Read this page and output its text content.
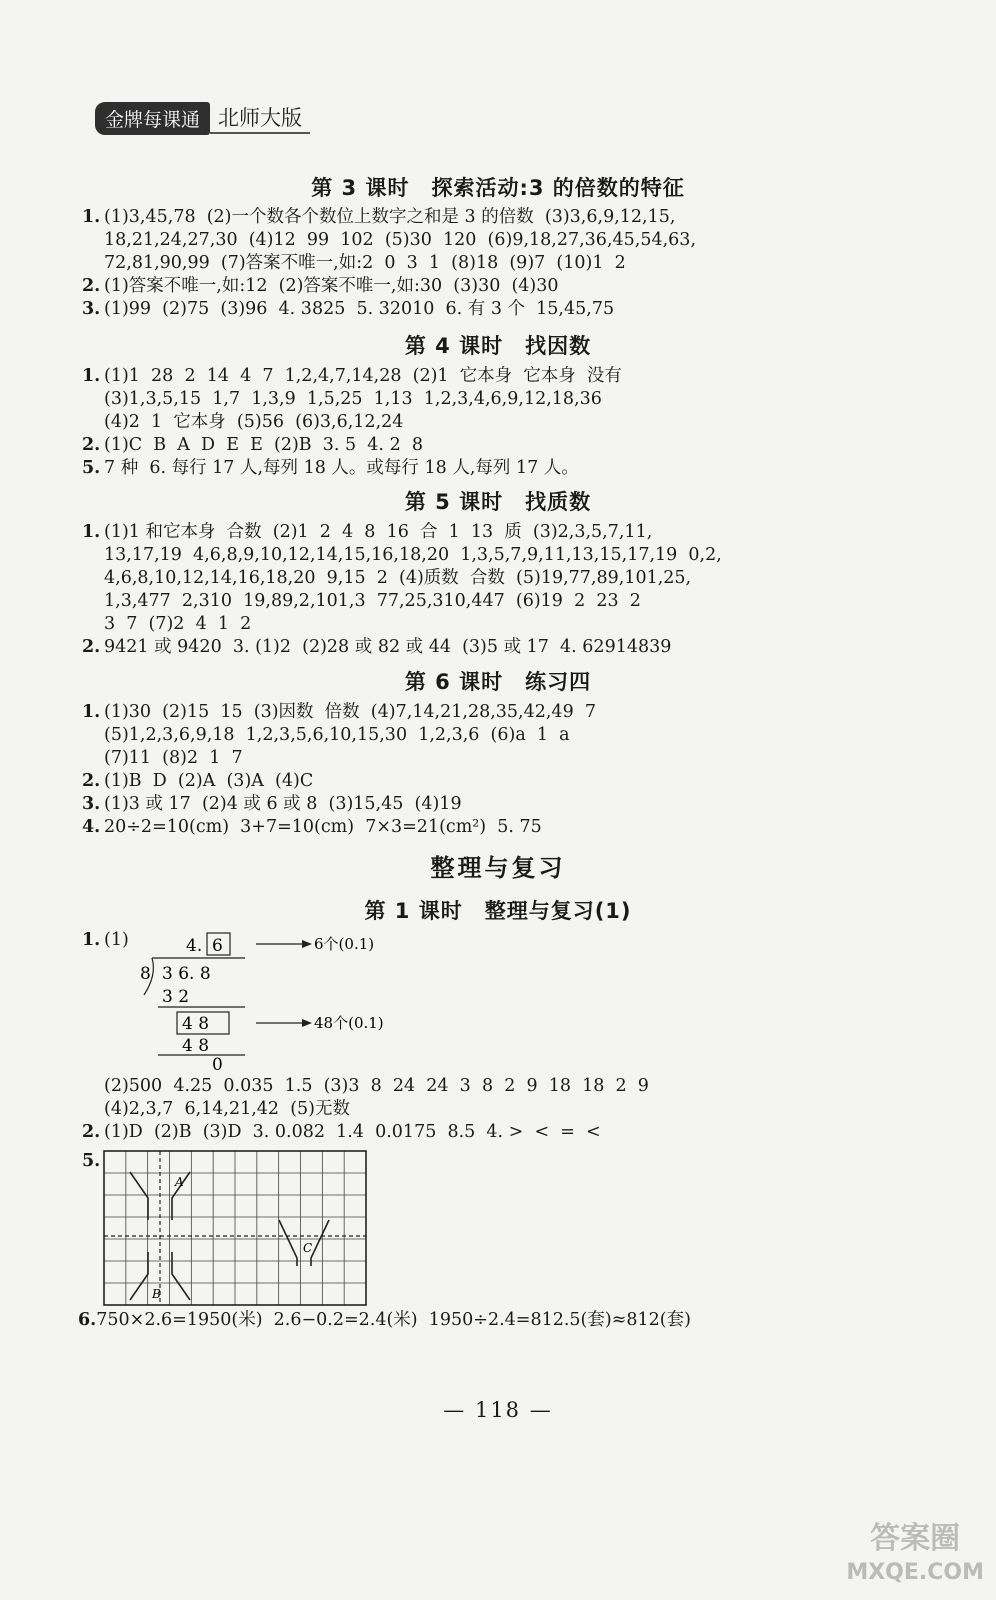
金牌每课通 北师大版
第 3 课时　探索活动:3 的倍数的特征
1. (1)3,45,78  (2)一个数各个数位上数字之和是 3 的倍数  (3)3,6,9,12,15,
18,21,24,27,30  (4)12  99  102  (5)30  120  (6)9,18,27,36,45,54,63,
72,81,90,99  (7)答案不唯一,如:2  0  3  1  (8)18  (9)7  (10)1  2
2. (1)答案不唯一,如:12  (2)答案不唯一,如:30  (3)30  (4)30
3. (1)99  (2)75  (3)96  4. 3825  5. 32010  6. 有 3 个  15,45,75
第 4 课时　找因数
1. (1)1  28  2  14  4  7  1,2,4,7,14,28  (2)1  它本身  它本身  没有
(3)1,3,5,15  1,7  1,3,9  1,5,25  1,13  1,2,3,4,6,9,12,18,36
(4)2  1  它本身  (5)56  (6)3,6,12,24
2. (1)C  B  A  D  E  E  (2)B  3. 5  4. 2  8
5. 7 种  6. 每行 17 人,每列 18 人。或每行 18 人,每列 17 人。
第 5 课时　找质数
1. (1)1 和它本身  合数  (2)1  2  4  8  16  合  1  13  质  (3)2,3,5,7,11,
13,17,19  4,6,8,9,10,12,14,15,16,18,20  1,3,5,7,9,11,13,15,17,19  0,2,
4,6,8,10,12,14,16,18,20  9,15  2  (4)质数  合数  (5)19,77,89,101,25,
1,3,477  2,310  19,89,2,101,3  77,25,310,447  (6)19  2  23  2
3  7  (7)2  4  1  2
2. 9421 或 9420  3. (1)2  (2)28 或 82 或 44  (3)5 或 17  4. 62914839
第 6 课时　练习四
1. (1)30  (2)15  15  (3)因数  倍数  (4)7,14,21,28,35,42,49  7
(5)1,2,3,6,9,18  1,2,3,5,6,10,15,30  1,2,3,6  (6)a  1  a
(7)11  (8)2  1  7
2. (1)B  D  (2)A  (3)A  (4)C
3. (1)3 或 17  (2)4 或 6 或 8  (3)15,45  (4)19
4. 20÷2=10(cm)  3+7=10(cm)  7×3=21(cm²)  5. 75
整理与复习
第 1 课时　整理与复习(1)
1. (1)	4. 6
8 3 6. 8
3 2
4 8
4 8
0
6个(0.1)
48个(0.1)
(2)500  4.25  0.035  1.5  (3)3  8  24  24  3  8  2  9  18  18  2  9
(4)2,3,7  6,14,21,42  (5)无数
2. (1)D  (2)B  (3)D  3. 0.082  1.4̇  0.0175  8.5  4. >  <  =  <
5.
A
B
C
6.750×2.6=1950(米)  2.6−0.2=2.4(米)  1950÷2.4=812.5(套)≈812(套)
— 118 —
答案圈
MXQE.COM
